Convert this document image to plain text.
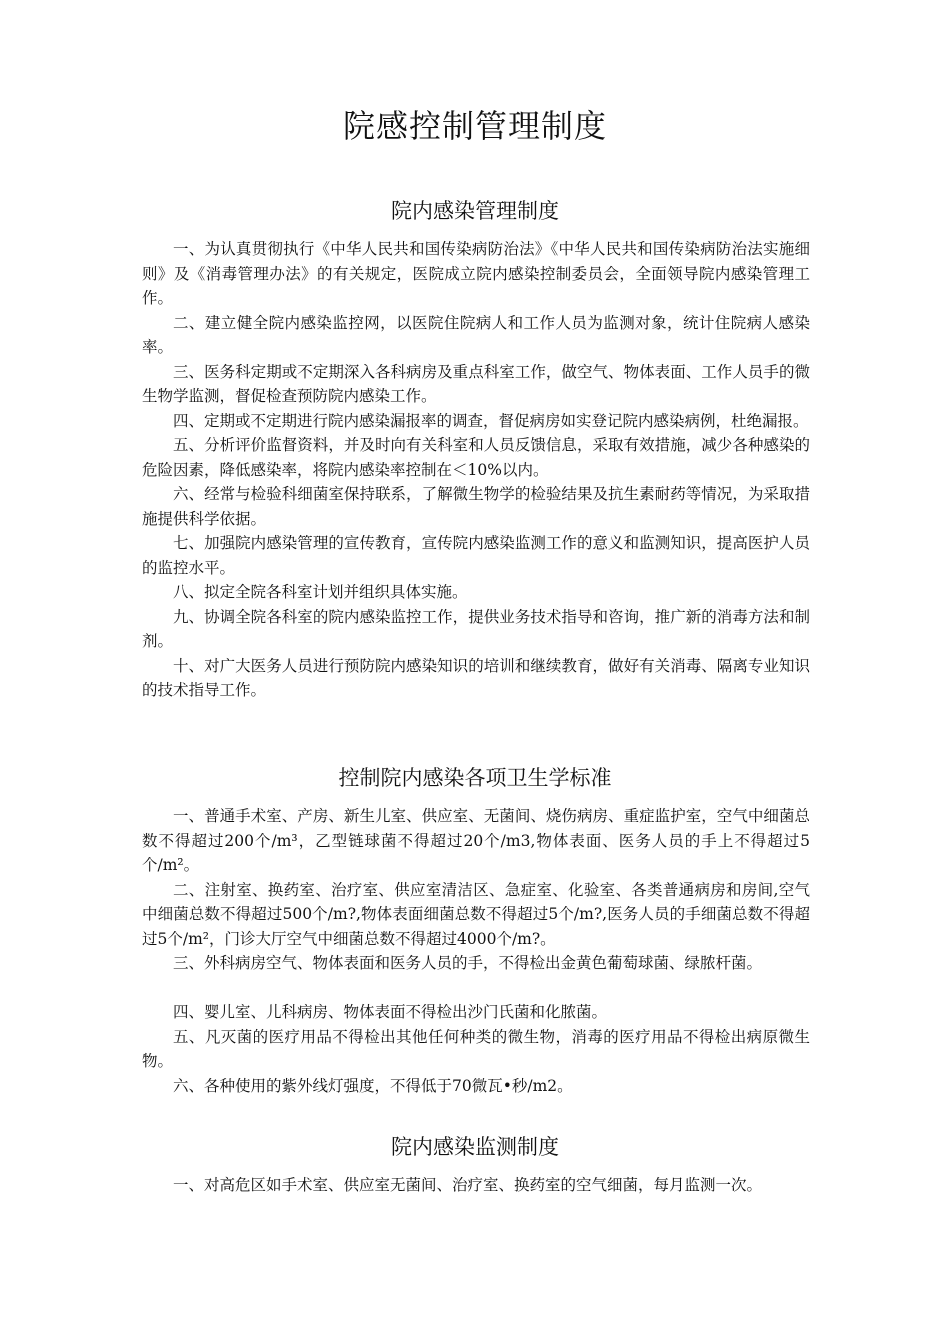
院感控制管理制度
院内感染管理制度

一、为认真贯彻执行《中华人民共和国传染病防治法》《中华人民共和国传染病防治法实施细则》及《消毒管理办法》的有关规定，医院成立院内感染控制委员会，全面领导院内感染管理工作。

二、建立健全院内感染监控网，以医院住院病人和工作人员为监测对象，统计住院病人感染率。

三、医务科定期或不定期深入各科病房及重点科室工作，做空气、物体表面、工作人员手的微生物学监测，督促检查预防院内感染工作。

四、定期或不定期进行院内感染漏报率的调查，督促病房如实登记院内感染病例，杜绝漏报。

五、分析评价监督资料，并及时向有关科室和人员反馈信息，采取有效措施，减少各种感染的危险因素，降低感染率，将院内感染率控制在＜10%以内。

六、经常与检验科细菌室保持联系，了解微生物学的检验结果及抗生素耐药等情况，为采取措施提供科学依据。

七、加强院内感染管理的宣传教育，宣传院内感染监测工作的意义和监测知识，提高医护人员的监控水平。

八、拟定全院各科室计划并组织具体实施。

九、协调全院各科室的院内感染监控工作，提供业务技术指导和咨询，推广新的消毒方法和制剂。

十、对广大医务人员进行预防院内感染知识的培训和继续教育，做好有关消毒、隔离专业知识的技术指导工作。

控制院内感染各项卫生学标准

一、普通手术室、产房、新生儿室、供应室、无菌间、烧伤病房、重症监护室，空气中细菌总数不得超过200个/m³，乙型链球菌不得超过20个/m3,物体表面、医务人员的手上不得超过5个/m²。

二、注射室、换药室、治疗室、供应室清洁区、急症室、化验室、各类普通病房和房间,空气中细菌总数不得超过500个/m?,物体表面细菌总数不得超过5个/m?,医务人员的手细菌总数不得超过5个/m²，门诊大厅空气中细菌总数不得超过4000个/m?。

三、外科病房空气、物体表面和医务人员的手，不得检出金黄色葡萄球菌、绿脓杆菌。

四、婴儿室、儿科病房、物体表面不得检出沙门氏菌和化脓菌。

五、凡灭菌的医疗用品不得检出其他任何种类的微生物，消毒的医疗用品不得检出病原微生物。

六、各种使用的紫外线灯强度，不得低于70微瓦•秒/m2。

院内感染监测制度

一、对高危区如手术室、供应室无菌间、治疗室、换药室的空气细菌，每月监测一次。
